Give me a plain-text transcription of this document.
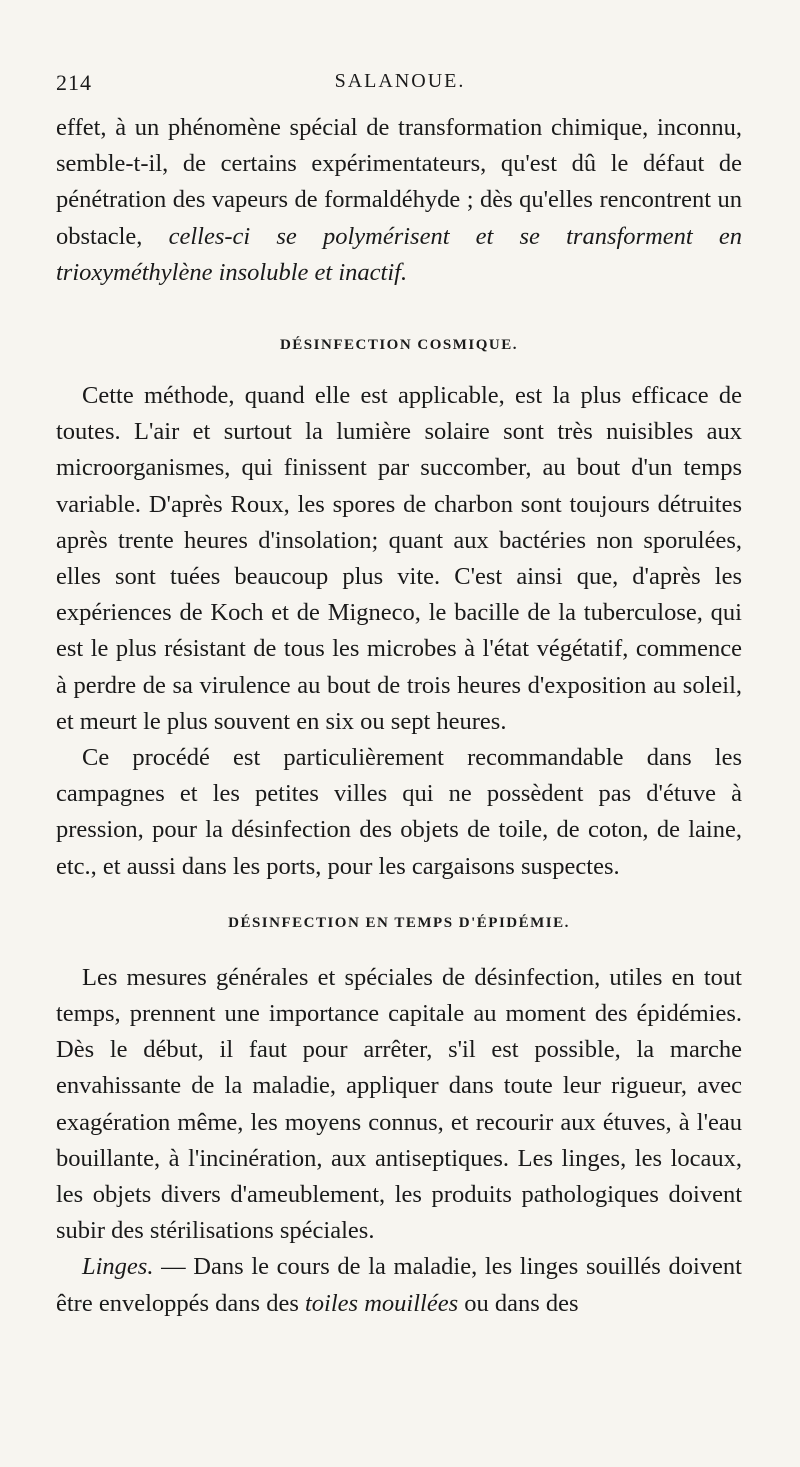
214	SALANOUE.

effet, à un phénomène spécial de transformation chimique, inconnu, semble-t-il, de certains expérimentateurs, qu'est dû le défaut de pénétration des vapeurs de formaldéhyde ; dès qu'elles rencontrent un obstacle, celles-ci se polymérisent et se transforment en trioxyméthylène insoluble et inactif.

DÉSINFECTION COSMIQUE.

Cette méthode, quand elle est applicable, est la plus efficace de toutes. L'air et surtout la lumière solaire sont très nuisibles aux microorganismes, qui finissent par succomber, au bout d'un temps variable. D'après Roux, les spores de charbon sont toujours détruites après trente heures d'insolation; quant aux bactéries non sporulées, elles sont tuées beaucoup plus vite. C'est ainsi que, d'après les expériences de Koch et de Migneco, le bacille de la tuberculose, qui est le plus résistant de tous les microbes à l'état végétatif, commence à perdre de sa virulence au bout de trois heures d'exposition au soleil, et meurt le plus souvent en six ou sept heures.

Ce procédé est particulièrement recommandable dans les campagnes et les petites villes qui ne possèdent pas d'étuve à pression, pour la désinfection des objets de toile, de coton, de laine, etc., et aussi dans les ports, pour les cargaisons suspectes.

DÉSINFECTION EN TEMPS D'ÉPIDÉMIE.

Les mesures générales et spéciales de désinfection, utiles en tout temps, prennent une importance capitale au moment des épidémies. Dès le début, il faut pour arrêter, s'il est possible, la marche envahissante de la maladie, appliquer dans toute leur rigueur, avec exagération même, les moyens connus, et recourir aux étuves, à l'eau bouillante, à l'incinération, aux antiseptiques. Les linges, les locaux, les objets divers d'ameublement, les produits pathologiques doivent subir des stérilisations spéciales.

Linges. — Dans le cours de la maladie, les linges souillés doivent être enveloppés dans des toiles mouillées ou dans des
